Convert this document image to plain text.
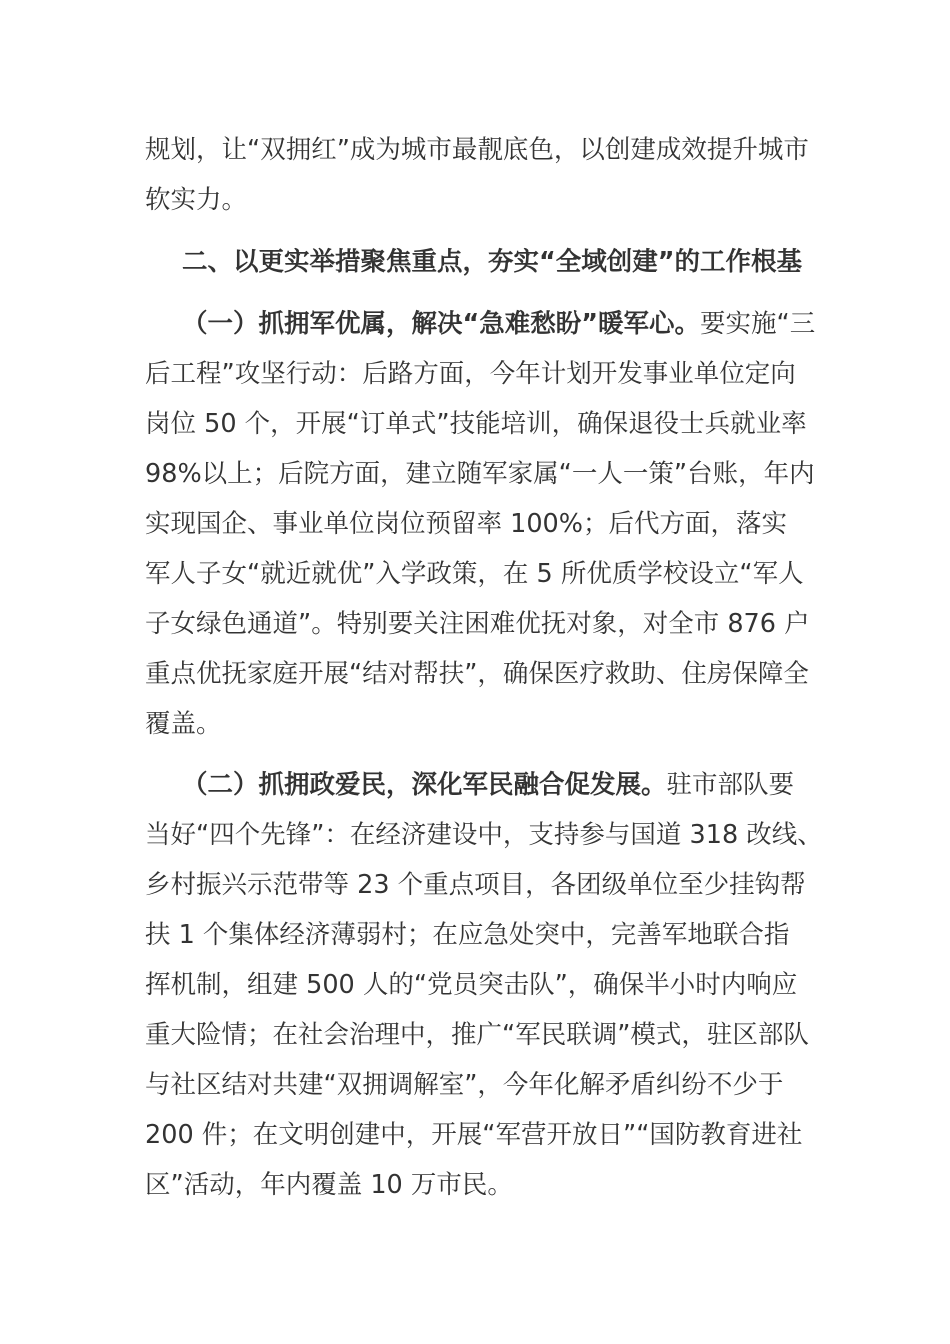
规划，让“双拥红”成为城市最靓底色，以创建成效提升城市
软实力。
二、以更实举措聚焦重点，夯实“全域创建”的工作根基
（一）抓拥军优属，解决“急难愁盼”暖军心。要实施“三
后工程”攻坚行动：后路方面，今年计划开发事业单位定向
岗位 50 个，开展“订单式”技能培训，确保退役士兵就业率
98%以上；后院方面，建立随军家属“一人一策”台账，年内
实现国企、事业单位岗位预留率 100%；后代方面，落实
军人子女“就近就优”入学政策，在 5 所优质学校设立“军人
子女绿色通道”。特别要关注困难优抚对象，对全市 876 户
重点优抚家庭开展“结对帮扶”，确保医疗救助、住房保障全
覆盖。
（二）抓拥政爱民，深化军民融合促发展。驻市部队要
当好“四个先锋”：在经济建设中，支持参与国道 318 改线、
乡村振兴示范带等 23 个重点项目，各团级单位至少挂钩帮
扶 1 个集体经济薄弱村；在应急处突中，完善军地联合指
挥机制，组建 500 人的“党员突击队”，确保半小时内响应
重大险情；在社会治理中，推广“军民联调”模式，驻区部队
与社区结对共建“双拥调解室”，今年化解矛盾纠纷不少于
200 件；在文明创建中，开展“军营开放日”“国防教育进社
区”活动，年内覆盖 10 万市民。
